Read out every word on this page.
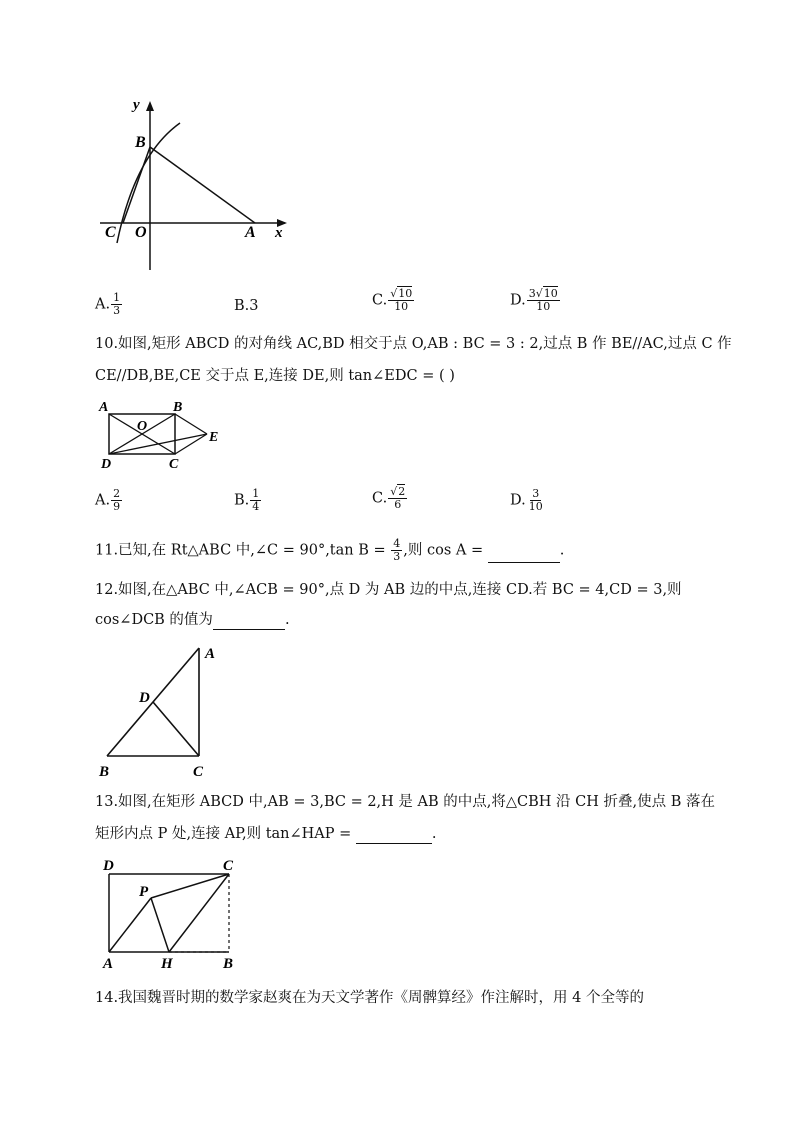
y
B
C O	A x
A. $\frac{1}{3}$	B.3	C. $\frac{√10}{10}$	D. $\frac{3√10}{10}$
10.如图,矩形 ABCD 的对角线 AC,BD 相交于点 O,AB : BC = 3 : 2,过点 B 作 BE//AC,过点 C 作
CE//DB,BE,CE 交于点 E,连接 DE,则 tan∠EDC = ( )
A	B
O
E
D	C
A. $\frac{2}{9}$	B. $\frac{1}{4}$	C. $\frac{√2}{6}$	D. $\frac{3}{10}$
11.已知,在 Rt△ABC 中,∠C = 90°,tan $B = \frac{4}{3}$ ,则 cos A =	.
12.如图,在△ABC 中,∠ACB = 90°,点 D 为 AB 边的中点,连接 CD.若 BC = 4,CD = 3,则
cos∠DCB 的值为	.
A
D
B	C
13.如图,在矩形 ABCD 中,AB = 3,BC = 2,H 是 AB 的中点,将△CBH 沿 CH 折叠,使点 B 落在
矩形内点 P 处,连接 AP,则 tan∠HAP =	.
D	C
P
A	H	B
14.我国魏晋时期的数学家赵爽在为天文学著作《周髀算经》作注解时，用 4 个全等的
